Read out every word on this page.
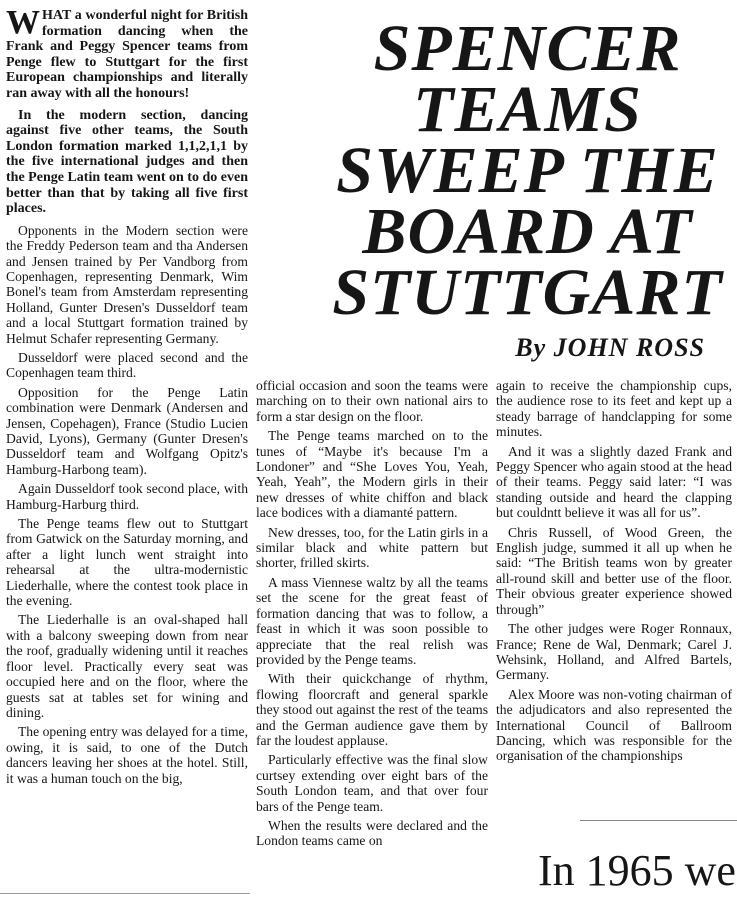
WHAT a wonderful night for British formation dancing when the Frank and Peggy Spencer teams from Penge flew to Stuttgart for the first European championships and literally ran away with all the honours!

In the modern section, dancing against five other teams, the South London formation marked 1,1,2,1,1 by the five international judges and then the Penge Latin team went on to do even better than that by taking all five first places.

Opponents in the Modern section were the Freddy Pederson team and tha Andersen and Jensen trained by Per Vandborg from Copenhagen, representing Denmark, Wim Bonel's team from Amsterdam representing Holland, Gunter Dresen's Dusseldorf team and a local Stuttgart formation trained by Helmut Schafer representing Germany.

Dusseldorf were placed second and the Copenhagen team third.

Opposition for the Penge Latin combination were Denmark (Andersen and Jensen, Copehagen), France (Studio Lucien David, Lyons), Germany (Gunter Dresen's Dusseldorf team and Wolfgang Opitz's Hamburg-Harbong team).

Again Dusseldorf took second place, with Hamburg-Harburg third.

The Penge teams flew out to Stuttgart from Gatwick on the Saturday morning, and after a light lunch went straight into rehearsal at the ultra-modernistic Liederhalle, where the contest took place in the evening.

The Liederhalle is an oval-shaped hall with a balcony sweeping down from near the roof, gradually widening until it reaches floor level. Practically every seat was occupied here and on the floor, where the guests sat at tables set for wining and dining.

The opening entry was delayed for a time, owing, it is said, to one of the Dutch dancers leaving her shoes at the hotel. Still, it was a human touch on the big,

SPENCER
TEAMS
SWEEP THE
BOARD AT
STUTTGART
By JOHN ROSS

official occasion and soon the teams were marching on to their own national airs to form a star design on the floor.

The Penge teams marched on to the tunes of “Maybe it's because I'm a Londoner” and “She Loves You, Yeah, Yeah, Yeah”, the Modern girls in their new dresses of white chiffon and black lace bodices with a diamanté pattern.

New dresses, too, for the Latin girls in a similar black and white pattern but shorter, frilled skirts.

A mass Viennese waltz by all the teams set the scene for the great feast of formation dancing that was to follow, a feast in which it was soon possible to appreciate that the real relish was provided by the Penge teams.

With their quickchange of rhythm, flowing floorcraft and general sparkle they stood out against the rest of the teams and the German audience gave them by far the loudest applause.

Particularly effective was the final slow curtsey extending over eight bars of the South London team, and that over four bars of the Penge team.

When the results were declared and the London teams came on

again to receive the championship cups, the audience rose to its feet and kept up a steady barrage of handclapping for some minutes.

And it was a slightly dazed Frank and Peggy Spencer who again stood at the head of their teams. Peggy said later: “I was standing outside and heard the clapping but couldntt believe it was all for us”.

Chris Russell, of Wood Green, the English judge, summed it all up when he said: “The British teams won by greater all-round skill and better use of the floor. Their obvious greater experience showed through”

The other judges were Roger Ronnaux, France; Rene de Wal, Denmark; Carel J. Wehsink, Holland, and Alfred Bartels, Germany.

Alex Moore was non-voting chairman of the adjudicators and also represented the International Council of Ballroom Dancing, which was responsible for the organisation of the championships

In 1965 we
